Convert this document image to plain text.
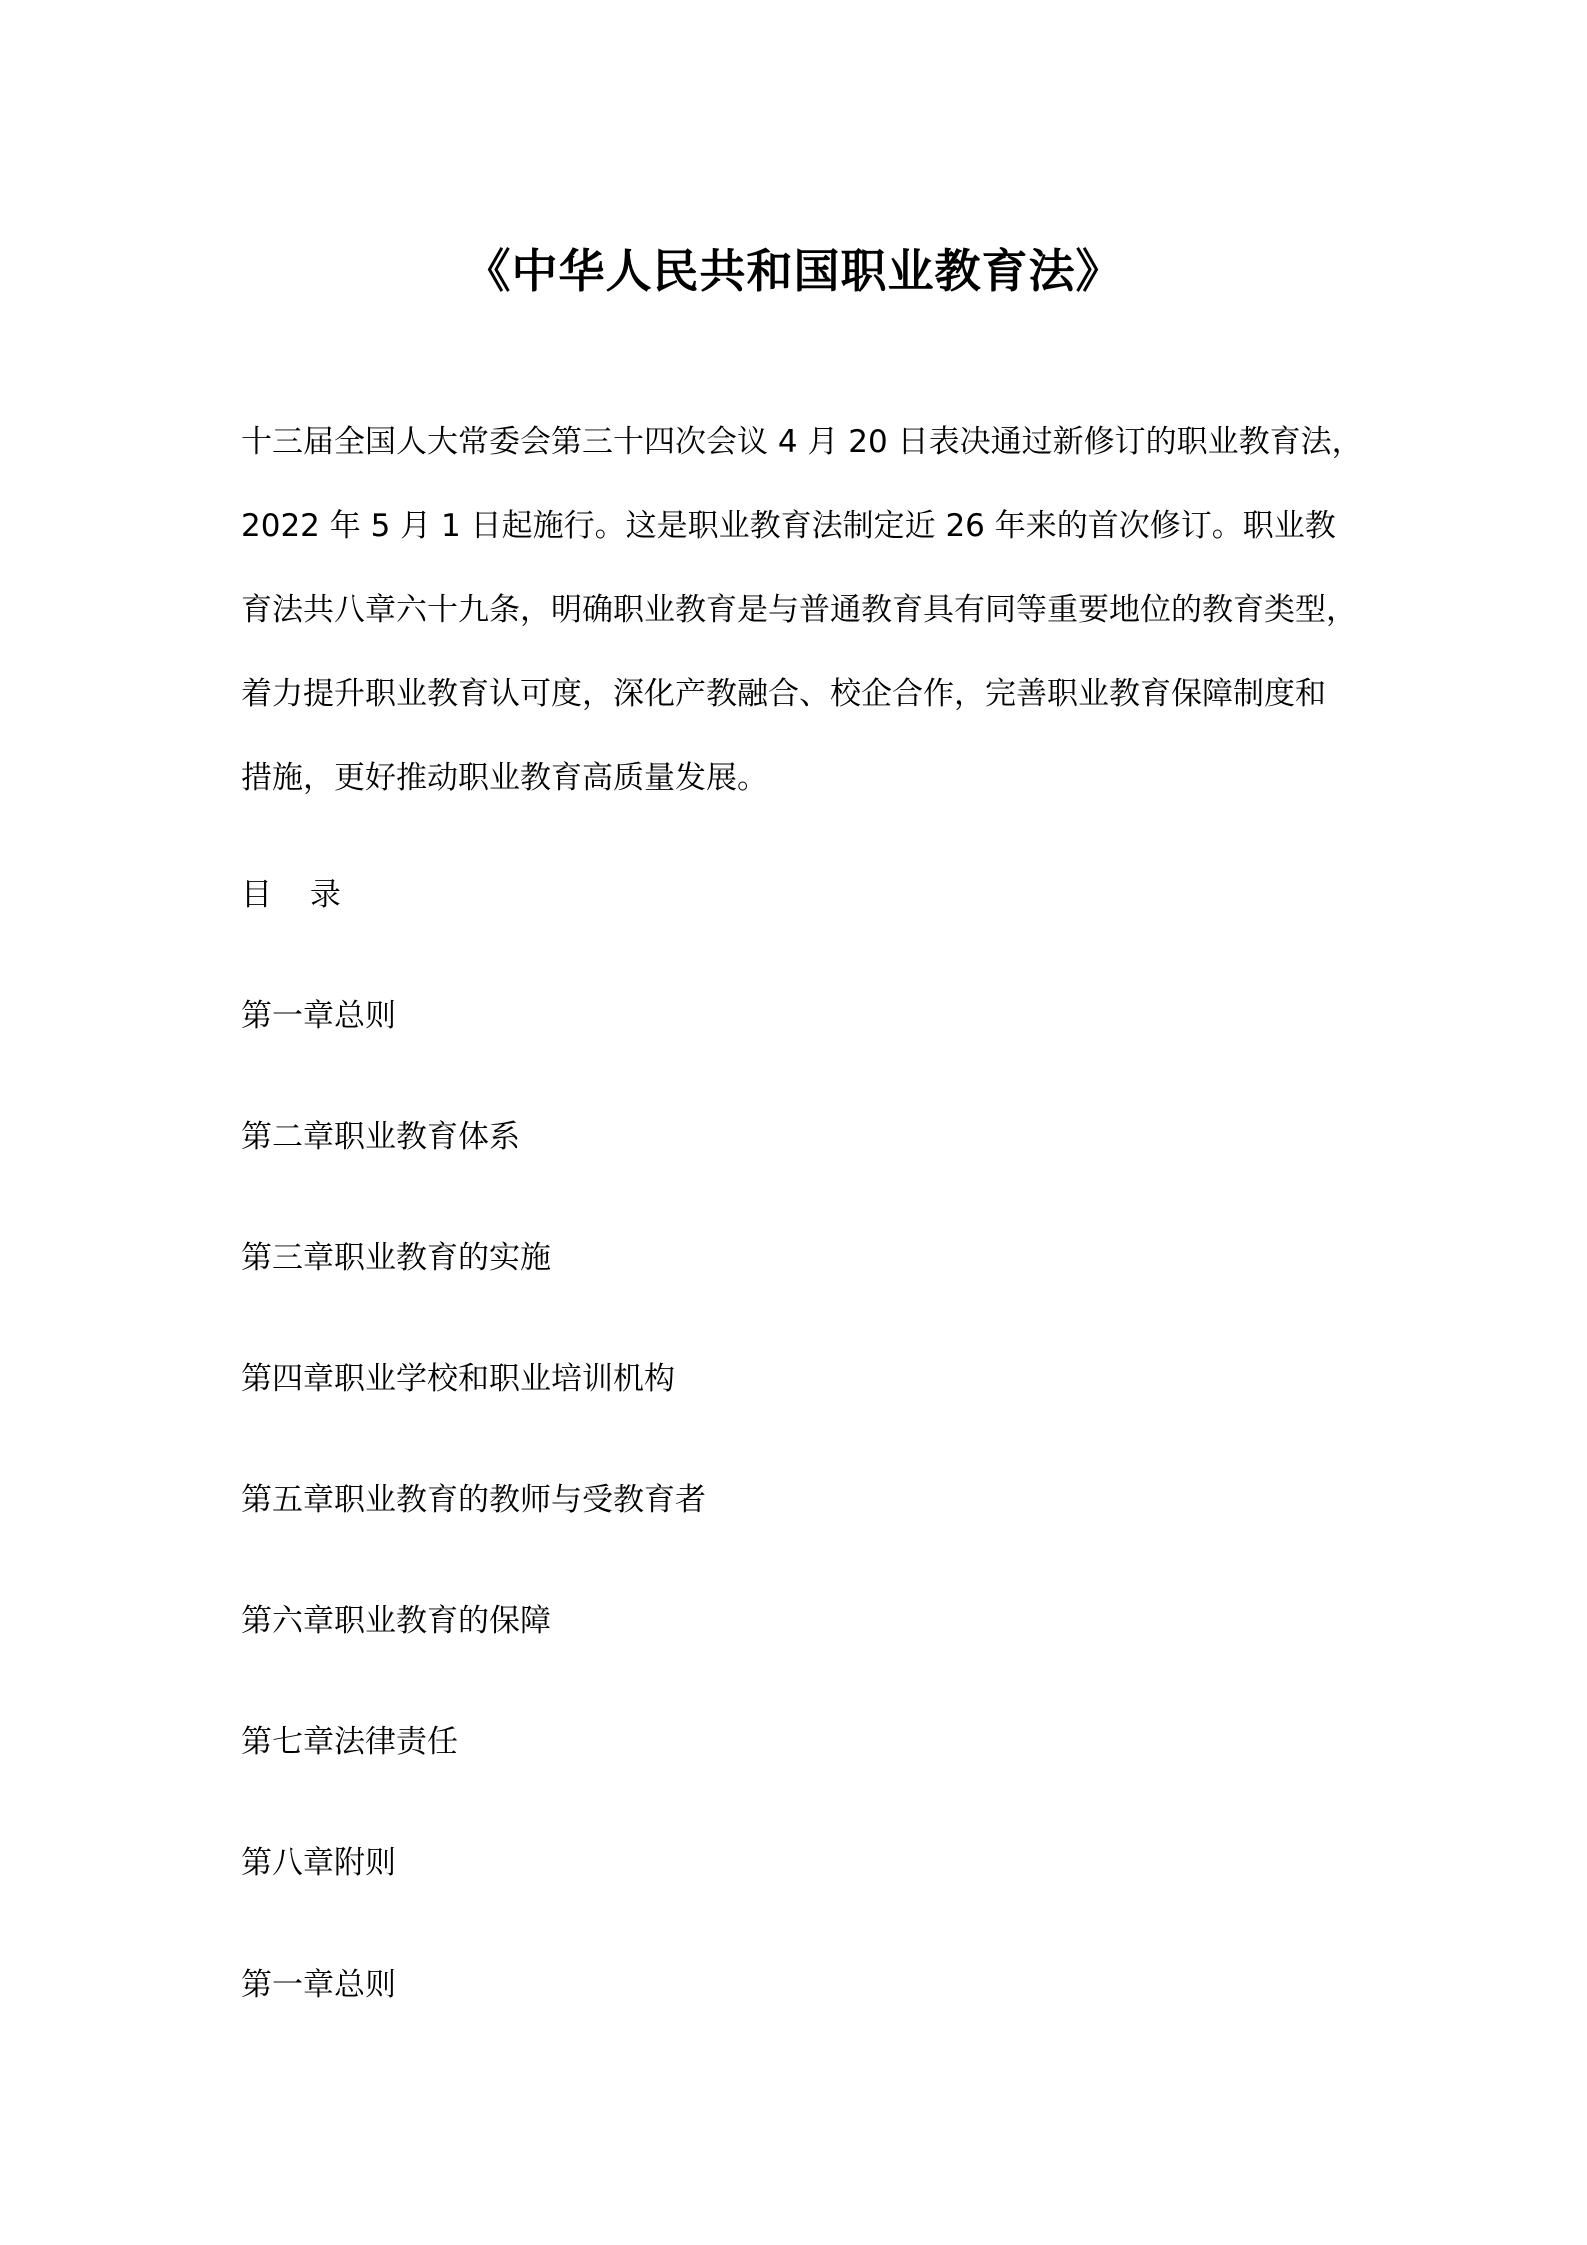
《中华人民共和国职业教育法》

十三届全国人大常委会第三十四次会议 4 月 20 日表决通过新修订的职业教育法，
2022 年 5 月 1 日起施行。这是职业教育法制定近 26 年来的首次修订。职业教
育法共八章六十九条，明确职业教育是与普通教育具有同等重要地位的教育类型，
着力提升职业教育认可度，深化产教融合、校企合作，完善职业教育保障制度和
措施，更好推动职业教育高质量发展。

目 录
第一章总则
第二章职业教育体系
第三章职业教育的实施
第四章职业学校和职业培训机构
第五章职业教育的教师与受教育者
第六章职业教育的保障
第七章法律责任
第八章附则
第一章总则
